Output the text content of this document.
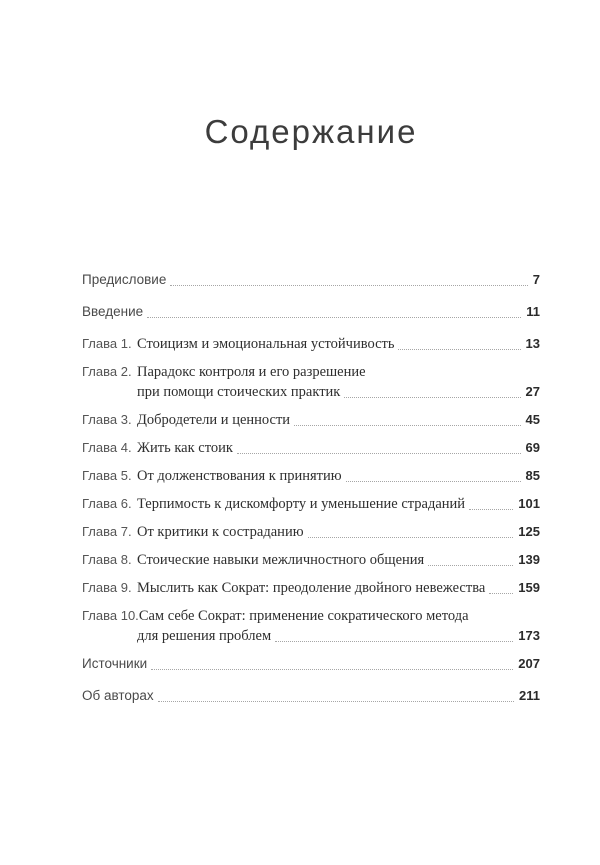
Содержание
Предисловие	7
Введение	11
Глава 1. Стоицизм и эмоциональная устойчивость	13
Глава 2. Парадокс контроля и его разрешение
при помощи стоических практик	27
Глава 3. Добродетели и ценности	45
Глава 4. Жить как стоик	69
Глава 5. От долженствования к принятию	85
Глава 6. Терпимость к дискомфорту и уменьшение страданий	101
Глава 7. От критики к состраданию	125
Глава 8. Стоические навыки межличностного общения	139
Глава 9. Мыслить как Сократ: преодоление двойного невежества	159
Глава 10. Сам себе Сократ: применение сократического метода
для решения проблем	173
Источники	207
Об авторах	211
